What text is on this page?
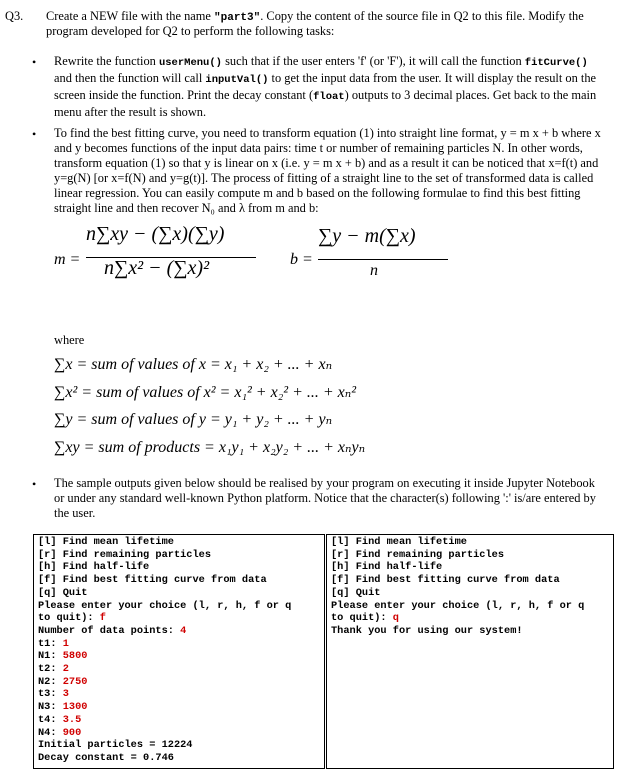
Q3. Create a NEW file with the name "part3". Copy the content of the source file in Q2 to this file. Modify the
program developed for Q2 to perform the following tasks:
• Rewrite the function userMenu() such that if the user enters 'f' (or 'F'), it will call the function fitCurve()
and then the function will call inputVal() to get the input data from the user. It will display the result on the
screen inside the function. Print the decay constant (float) outputs to 3 decimal places. Get back to the main
menu after the result is shown.
• To find the best fitting curve, you need to transform equation (1) into straight line format, y = m x + b where x
and y becomes functions of the input data pairs: time t or number of remaining particles N. In other words,
transform equation (1) so that y is linear on x (i.e. y = m x + b) and as a result it can be noticed that x=f(t) and
y=g(N) [or x=f(N) and y=g(t)]. The process of fitting of a straight line to the set of transformed data is called
linear regression. You can easily compute m and b based on the following formulae to find this best fitting
straight line and then recover N₀ and λ from m and b:
m =
n∑xy − (∑x)(∑y)
n∑x² − (∑x)²	b =
∑y − m(∑x)
n
where
∑x = sum of values of x = x₁ + x₂ + ... + xₙ
∑x² = sum of values of x² = x₁² + x₂² + ... + xₙ²
∑y = sum of values of y = y₁ + y₂ + ... + yₙ
∑xy = sum of products = x₁y₁ + x₂y₂ + ... + xₙyₙ
• The sample outputs given below should be realised by your program on executing it inside Jupyter Notebook
or under any standard well-known Python platform. Notice that the character(s) following ':' is/are entered by
the user.
[l] Find mean lifetime
[r] Find remaining particles
[h] Find half-life
[f] Find best fitting curve from data
[q] Quit
Please enter your choice (l, r, h, f or q
to quit): f
Number of data points: 4
t1: 1
N1: 5800
t2: 2
N2: 2750
t3: 3
N3: 1300
t4: 3.5
N4: 900
Initial particles = 12224
Decay constant = 0.746
[l] Find mean lifetime
[r] Find remaining particles
[h] Find half-life
[f] Find best fitting curve from data
[q] Quit
Please enter your choice (l, r, h, f or q
to quit): q
Thank you for using our system!
